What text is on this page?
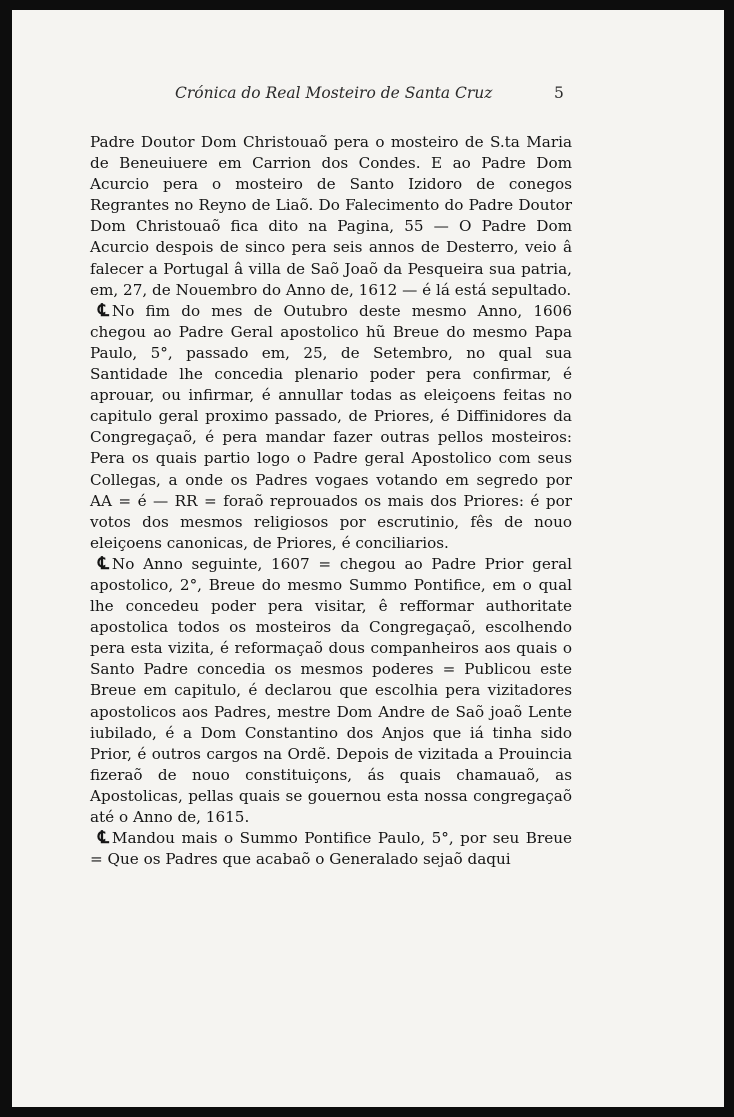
Crónica do Real Mosteiro de Santa Cruz	5

Padre Doutor Dom Christouaõ pera o mosteiro de S.ta Maria de Beneuiuere em Carrion dos Condes. E ao Padre Dom Acurcio pera o mosteiro de Santo Izidoro de conegos Regrantes no Reyno de Liaõ. Do Falecimento do Padre Doutor Dom Christouaõ fica dito na Pagina, 55 — O Padre Dom Acurcio despois de sinco pera seis annos de Desterro, veio â falecer a Portugal â villa de Saõ Joaõ da Pesqueira sua patria, em, 27, de Nouembro do Anno de, 1612 — é lá está sepultado.

℄ No fim do mes de Outubro deste mesmo Anno, 1606 chegou ao Padre Geral apostolico hũ Breue do mesmo Papa Paulo, 5°, passado em, 25, de Setembro, no qual sua Santidade lhe concedia plenario poder pera confirmar, é aprouar, ou infirmar, é annullar todas as eleiçoens feitas no capitulo geral proximo passado, de Priores, é Diffinidores da Congregaçaõ, é pera mandar fazer outras pellos mosteiros: Pera os quais partio logo o Padre geral Apostolico com seus Collegas, a onde os Padres vogaes votando em segredo por AA = é — RR = foraõ reprouados os mais dos Priores: é por votos dos mesmos religiosos por escrutinio, fês de nouo eleiçoens canonicas, de Priores, é conciliarios.

℄ No Anno seguinte, 1607 = chegou ao Padre Prior geral apostolico, 2°, Breue do mesmo Summo Pontifice, em o qual lhe concedeu poder pera visitar, ê refformar authoritate apostolica todos os mosteiros da Congregaçaõ, escolhendo pera esta vizita, é reformaçaõ dous companheiros aos quais o Santo Padre concedia os mesmos poderes = Publicou este Breue em capitulo, é declarou que escolhia pera vizitadores apostolicos aos Padres, mestre Dom Andre de Saõ joaõ Lente iubilado, é a Dom Constantino dos Anjos que iá tinha sido Prior, é outros cargos na Ordẽ. Depois de vizitada a Prouincia fizeraõ de nouo constituiçons, ás quais chamauaõ, as Apostolicas, pellas quais se gouernou esta nossa congregaçaõ até o Anno de, 1615.

℄ Mandou mais o Summo Pontifice Paulo, 5°, por seu Breue = Que os Padres que acabaõ o Generalado sejaõ daqui
